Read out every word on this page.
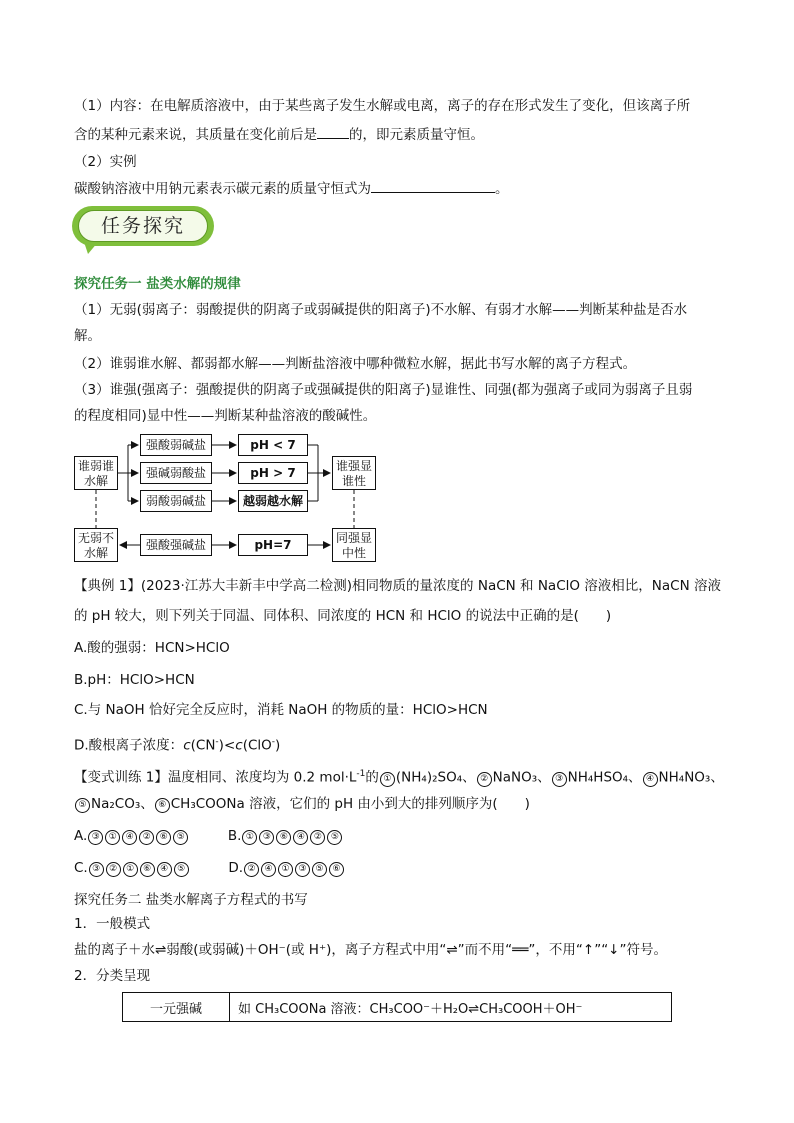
（1）内容：在电解质溶液中，由于某些离子发生水解或电离，离子的存在形式发生了变化，但该离子所
含的某种元素来说，其质量在变化前后是 的，即元素质量守恒。
（2）实例
碳酸钠溶液中用钠元素表示碳元素的质量守恒式为	。
任务探究
探究任务一 盐类水解的规律
（1）无弱(弱离子：弱酸提供的阴离子或弱碱提供的阳离子)不水解、有弱才水解——判断某种盐是否水
解。
（2）谁弱谁水解、都弱都水解——判断盐溶液中哪种微粒水解，据此书写水解的离子方程式。
（3）谁强(强离子：强酸提供的阴离子或强碱提供的阳离子)显谁性、同强(都为强离子或同为弱离子且弱
的程度相同)显中性——判断某种盐溶液的酸碱性。
谁弱谁
水解
无弱不
水解
谁强显
谁性
同强显
中性
强酸弱碱盐
强碱弱酸盐
弱酸弱碱盐
强酸强碱盐
pH < 7
pH > 7
越弱越水解
pH=7
【典例 1】(2023·江苏大丰新丰中学高二检测)相同物质的量浓度的 NaCN 和 NaClO 溶液相比，NaCN 溶液
的 pH 较大，则下列关于同温、同体积、同浓度的 HCN 和 HClO 的说法中正确的是(　　)
A.酸的强弱：HCN>HClO
B.pH：HClO>HCN
C.与 NaOH 恰好完全反应时，消耗 NaOH 的物质的量：HClO>HCN
D.酸根离子浓度：c(CN-)<c(ClO-)
【变式训练 1】温度相同、浓度均为 0.2 $mol\cdot L^{-1}$的 ① (NH₄)₂SO₄、 ② NaNO₃、 ③ NH₄HSO₄、 ④ NH₄NO₃、
⑤ Na₂CO₃、 ⑥ CH₃COONa 溶液，它们的 pH 由小到大的排列顺序为(　　)
A. ③ ① ④ ② ⑥ ⑤	B. ① ③ ⑥ ④ ② ⑤
C. ③ ② ① ⑥ ④ ⑤	D. ② ④ ① ③ ⑤ ⑥
探究任务二 盐类水解离子方程式的书写
1．一般模式
盐的离子＋水⇌弱酸(或弱碱)＋OH⁻(或 H⁺)，离子方程式中用“⇌”而不用“══”，不用“↑”“↓”符号。
2．分类呈现
一元强碱	如 CH₃COONa 溶液：CH₃COO⁻＋H₂O⇌CH₃COOH＋OH⁻
